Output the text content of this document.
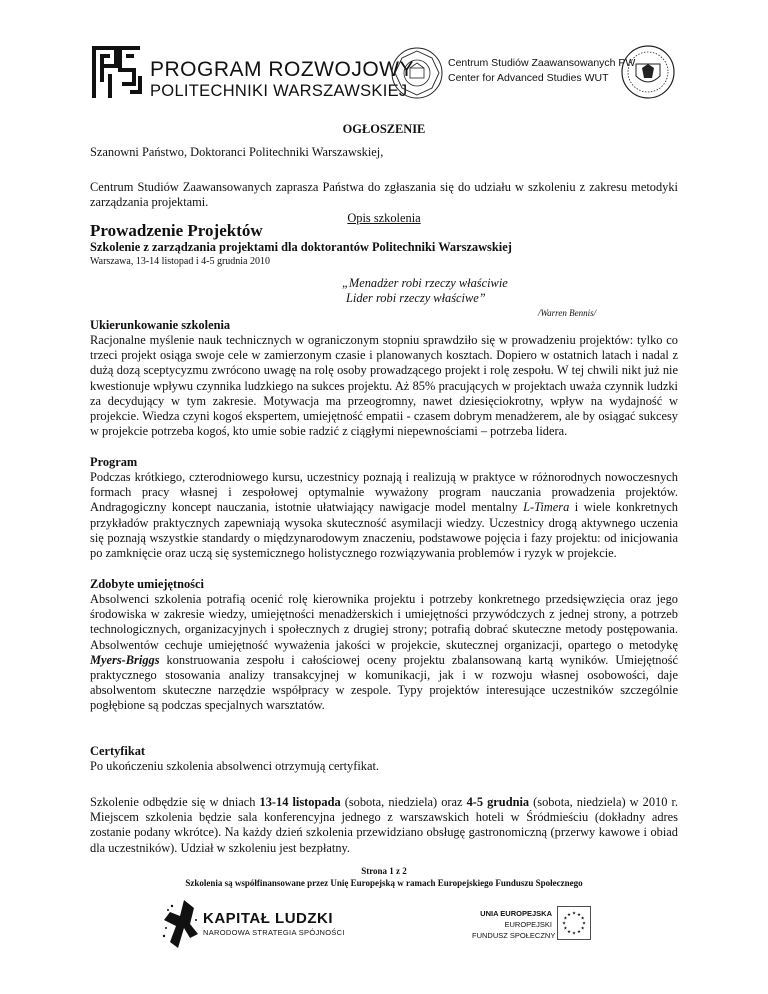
PROGRAM ROZWOJOWY
POLITECHNIKI WARSZAWSKIEJ
Centrum Studiów Zaawansowanych PW
Center for Advanced Studies WUT
OGŁOSZENIE
Szanowni Państwo, Doktoranci Politechniki Warszawskiej,
Centrum Studiów Zaawansowanych zaprasza Państwa do zgłaszania się do udziału w szkoleniu z zakresu metodyki zarządzania projektami.
Opis szkolenia
Prowadzenie Projektów
Szkolenie z zarządzania projektami dla doktorantów Politechniki Warszawskiej
Warszawa, 13-14 listopad i 4-5 grudnia 2010
„Menadżer robi rzeczy właściwie
Lider robi rzeczy właściwe”
/Warren Bennis/
Ukierunkowanie szkolenia
Racjonalne myślenie nauk technicznych w ograniczonym stopniu sprawdziło się w prowadzeniu projektów: tylko co trzeci projekt osiąga swoje cele w zamierzonym czasie i planowanych kosztach. Dopiero w ostatnich latach i nadal z dużą dozą sceptycyzmu zwrócono uwagę na rolę osoby prowadzącego projekt i rolę zespołu. W tej chwili nikt już nie kwestionuje wpływu czynnika ludzkiego na sukces projektu. Aż 85% pracujących w projektach uważa czynnik ludzki za decydujący w tym zakresie. Motywacja ma przeogromny, nawet dziesięciokrotny, wpływ na wydajność w projekcie. Wiedza czyni kogoś ekspertem, umiejętność empatii - czasem dobrym menadżerem, ale by osiągać sukcesy w projekcie potrzeba kogoś, kto umie sobie radzić z ciągłymi niepewnościami – potrzeba lidera.
Program
Podczas krótkiego, czterodniowego kursu, uczestnicy poznają i realizują w praktyce w różnorodnych nowoczesnych formach pracy własnej i zespołowej optymalnie wyważony program nauczania prowadzenia projektów. Andragogiczny koncept nauczania, istotnie ułatwiający nawigacje model mentalny L-Timera i wiele konkretnych przykładów praktycznych zapewniają wysoka skuteczność asymilacji wiedzy. Uczestnicy drogą aktywnego uczenia się poznają wszystkie standardy o międzynarodowym znaczeniu, podstawowe pojęcia i fazy projektu: od inicjowania po zamknięcie oraz uczą się systemicznego holistycznego rozwiązywania problemów i ryzyk w projekcie.
Zdobyte umiejętności
Absolwenci szkolenia potrafią ocenić rolę kierownika projektu i potrzeby konkretnego przedsięwzięcia oraz jego środowiska w zakresie wiedzy, umiejętności menadżerskich i umiejętności przywódczych z jednej strony, a potrzeb technologicznych, organizacyjnych i społecznych z drugiej strony; potrafią dobrać skuteczne metody postępowania. Absolwentów cechuje umiejętność wyważenia jakości w projekcie, skutecznej organizacji, opartego o metodykę Myers-Briggs konstruowania zespołu i całościowej oceny projektu zbalansowaną kartą wyników. Umiejętność praktycznego stosowania analizy transakcyjnej w komunikacji, jak i w rozwoju własnej osobowości, daje absolwentom skuteczne narzędzie współpracy w zespole. Typy projektów interesujące uczestników szczególnie pogłębione są podczas specjalnych warsztatów.
Certyfikat
Po ukończeniu szkolenia absolwenci otrzymują certyfikat.
Szkolenie odbędzie się w dniach 13-14 listopada (sobota, niedziela) oraz 4-5 grudnia (sobota, niedziela) w 2010 r. Miejscem szkolenia będzie sala konferencyjna jednego z warszawskich hoteli w Śródmieściu (dokładny adres zostanie podany wkrótce). Na każdy dzień szkolenia przewidziano obsługę gastronomiczną (przerwy kawowe i obiad dla uczestników). Udział w szkoleniu jest bezpłatny.
Strona 1 z 2
Szkolenia są współfinansowane przez Unię Europejską w ramach Europejskiego Funduszu Społecznego
KAPITAŁ LUDZKI
NARODOWA STRATEGIA SPÓJNOŚCI
UNIA EUROPEJSKA
EUROPEJSKI
FUNDUSZ SPOŁECZNY
★
★
★
★
★
★
★
★
★ ★ ★
★
